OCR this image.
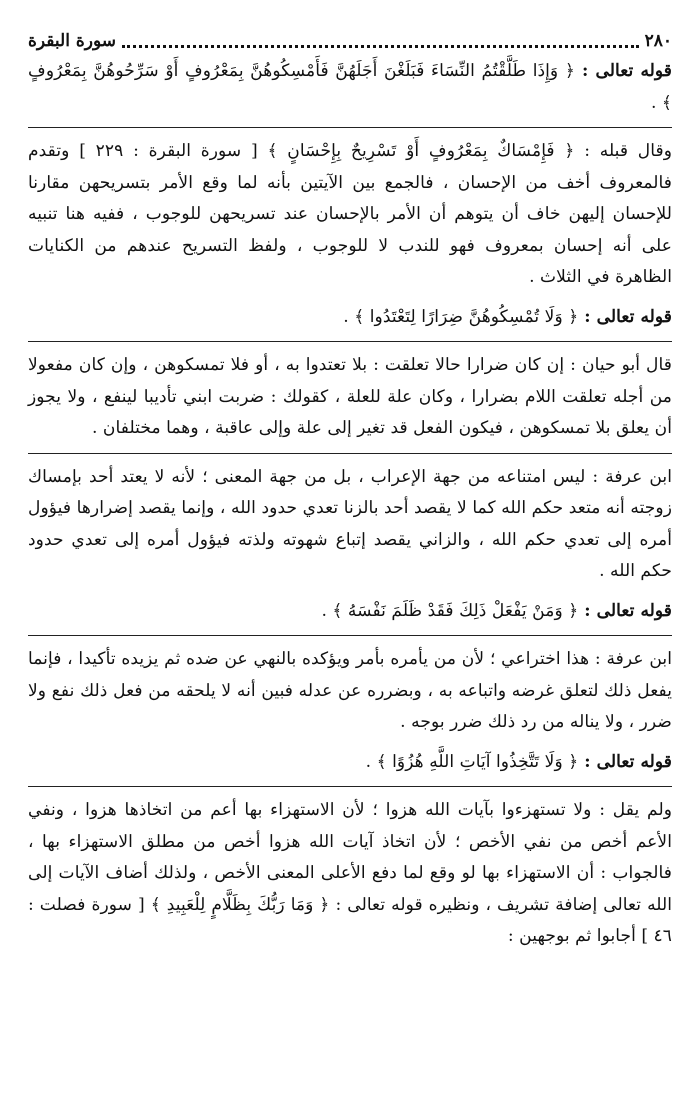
٢٨٠
سورة البقرة

قوله تعالى : ﴿ وَإِذَا طَلَّقْتُمُ النِّسَاءَ فَبَلَغْنَ أَجَلَهُنَّ فَأَمْسِكُوهُنَّ بِمَعْرُوفٍ أَوْ سَرِّحُوهُنَّ بِمَعْرُوفٍ ﴾ .

وقال قبله : ﴿ فَإِمْسَاكٌ بِمَعْرُوفٍ أَوْ تَسْرِيحٌ بِإِحْسَانٍ ﴾ [ سورة البقرة : ٢٢٩ ] وتقدم فالمعروف أخف من الإحسان ، فالجمع بين الآيتين بأنه لما وقع الأمر بتسريحهن مقارنا للإحسان إليهن خاف أن يتوهم أن الأمر بالإحسان عند تسريحهن للوجوب ، ففيه هنا تنبيه على أنه إحسان بمعروف فهو للندب لا للوجوب ، ولفظ التسريح عندهم من الكنايات الظاهرة في الثلاث .

قوله تعالى : ﴿ وَلَا تُمْسِكُوهُنَّ ضِرَارًا لِتَعْتَدُوا ﴾ .

قال أبو حيان : إن كان ضرارا حالا تعلقت : بلا تعتدوا به ، أو فلا تمسكوهن ، وإن كان مفعولا من أجله تعلقت اللام بضرارا ، وكان علة للعلة ، كقولك : ضربت ابني تأديبا لينفع ، ولا يجوز أن يعلق بلا تمسكوهن ، فيكون الفعل قد تغير إلى علة وإلى عاقبة ، وهما مختلفان .

ابن عرفة : ليس امتناعه من جهة الإعراب ، بل من جهة المعنى ؛ لأنه لا يعتد أحد بإمساك زوجته أنه متعد حكم الله كما لا يقصد أحد بالزنا تعدي حدود الله ، وإنما يقصد إضرارها فيؤول أمره إلى تعدي حكم الله ، والزاني يقصد إتباع شهوته ولذته فيؤول أمره إلى تعدي حدود حكم الله .

قوله تعالى : ﴿ وَمَنْ يَفْعَلْ ذَلِكَ فَقَدْ ظَلَمَ نَفْسَهُ ﴾ .

ابن عرفة : هذا اختراعي ؛ لأن من يأمره بأمر ويؤكده بالنهي عن ضده ثم يزيده تأكيدا ، فإنما يفعل ذلك لتعلق غرضه واتباعه به ، وبضرره عن عدله فبين أنه لا يلحقه من فعل ذلك نفع ولا ضرر ، ولا يناله من رد ذلك ضرر بوجه .

قوله تعالى : ﴿ وَلَا تَتَّخِذُوا آيَاتِ اللَّهِ هُزُوًا ﴾ .

ولم يقل : ولا تستهزءوا بآيات الله هزوا ؛ لأن الاستهزاء بها أعم من اتخاذها هزوا ، ونفي الأعم أخص من نفي الأخص ؛ لأن اتخاذ آيات الله هزوا أخص من مطلق الاستهزاء بها ، فالجواب : أن الاستهزاء بها لو وقع لما دفع الأعلى المعنى الأخص ، ولذلك أضاف الآيات إلى الله تعالى إضافة تشريف ، ونظيره قوله تعالى : ﴿ وَمَا رَبُّكَ بِظَلَّامٍ لِلْعَبِيدِ ﴾ [ سورة فصلت : ٤٦ ] أجابوا ثم بوجهين :
